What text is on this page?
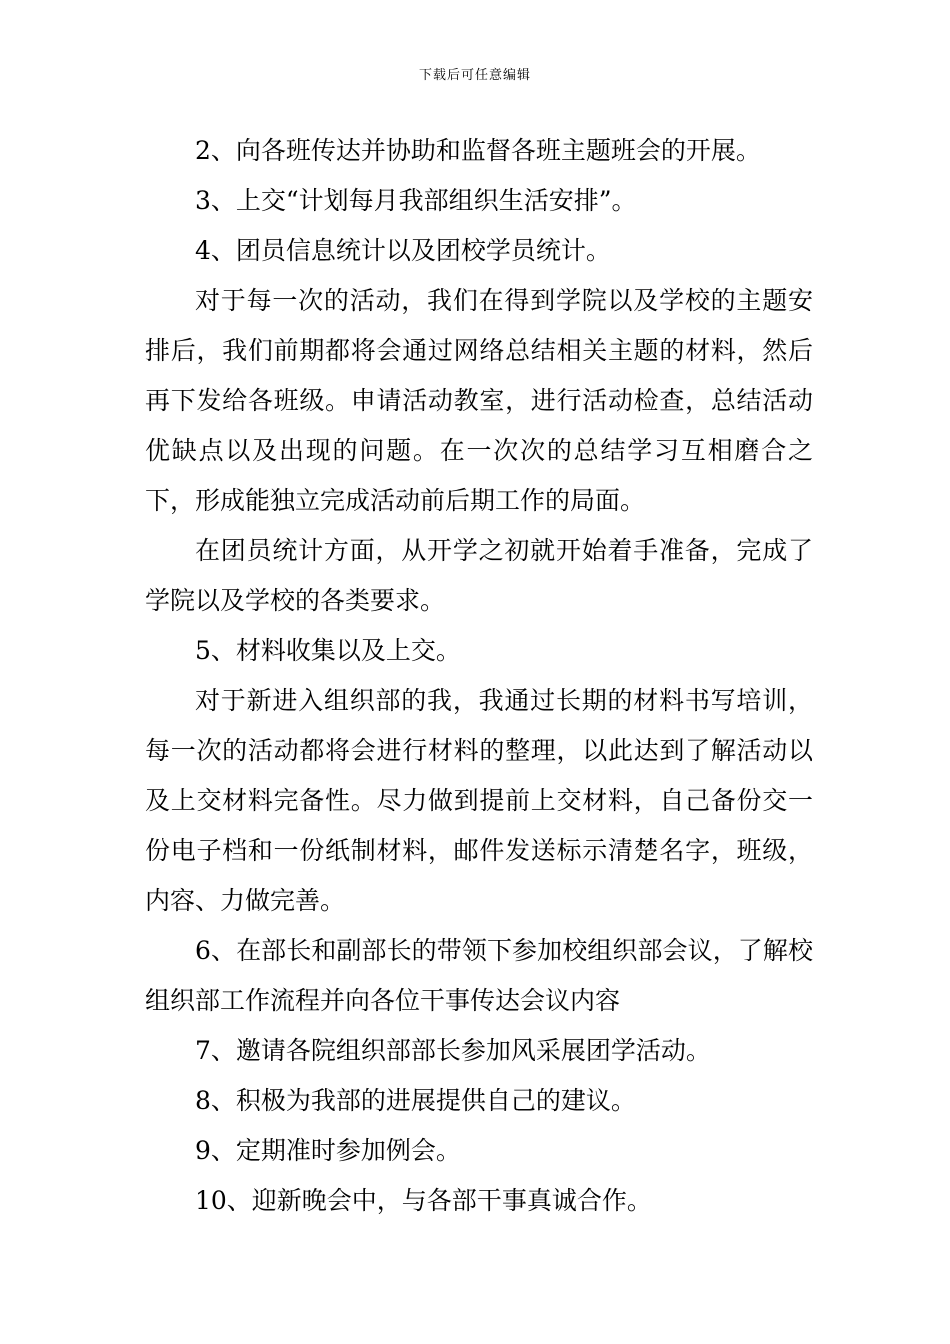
下载后可任意编辑

2、向各班传达并协助和监督各班主题班会的开展。

3、上交“计划每月我部组织生活安排”。

4、团员信息统计以及团校学员统计。

对于每一次的活动，我们在得到学院以及学校的主题安排后，我们前期都将会通过网络总结相关主题的材料，然后再下发给各班级。申请活动教室，进行活动检查，总结活动优缺点以及出现的问题。在一次次的总结学习互相磨合之下，形成能独立完成活动前后期工作的局面。

在团员统计方面，从开学之初就开始着手准备，完成了学院以及学校的各类要求。

5、材料收集以及上交。

对于新进入组织部的我，我通过长期的材料书写培训，每一次的活动都将会进行材料的整理，以此达到了解活动以及上交材料完备性。尽力做到提前上交材料，自己备份交一份电子档和一份纸制材料，邮件发送标示清楚名字，班级，内容、力做完善。

6、在部长和副部长的带领下参加校组织部会议，了解校组织部工作流程并向各位干事传达会议内容

7、邀请各院组织部部长参加风采展团学活动。

8、积极为我部的进展提供自己的建议。

9、定期准时参加例会。

10、迎新晚会中，与各部干事真诚合作。
